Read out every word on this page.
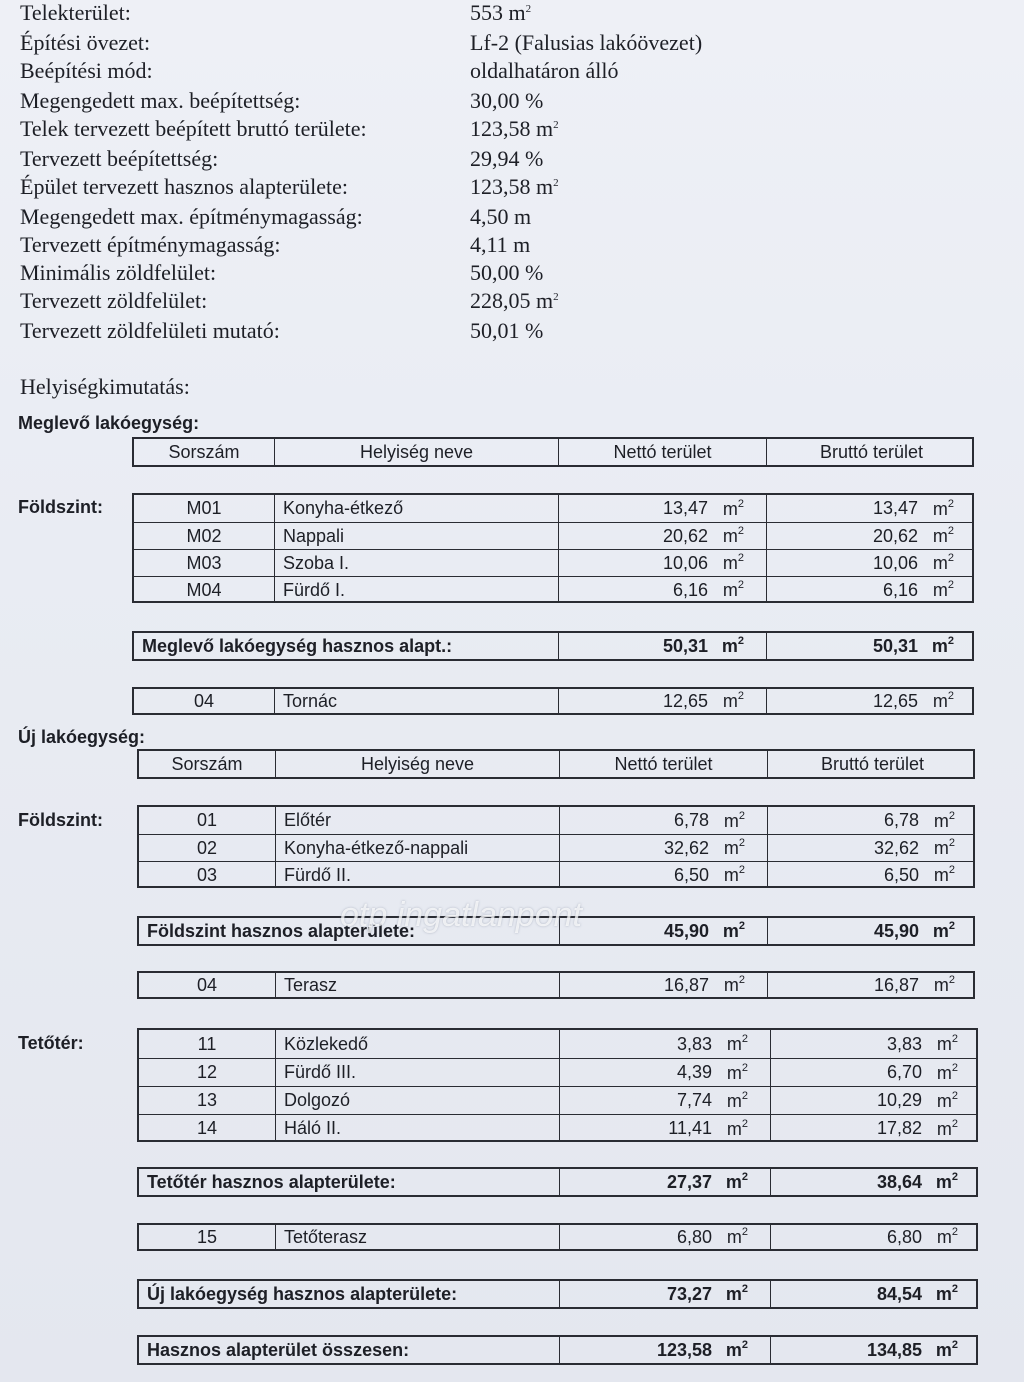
Telekterület:	553 $m^2$
Építési övezet:	Lf-2 (Falusias lakóövezet)
Beépítési mód:	oldalhatáron álló
Megengedett max. beépítettség:	30,00 %
Telek tervezett beépített bruttó területe:	123,58 $m^2$
Tervezett beépítettség:	29,94 %
Épület tervezett hasznos alapterülete:	123,58 $m^2$
Megengedett max. építménymagasság:	4,50 m
Tervezett építménymagasság:	4,11 m
Minimális zöldfelület:	50,00 %
Tervezett zöldfelület:	228,05 $m^2$
Tervezett zöldfelületi mutató:	50,01 %
Helyiségkimutatás:
Meglevő lakóegység:
Sorszám	Helyiség neve	Nettó terület	Bruttó terület
Földszint:	M01	Konyha-étkező	13,47 $m^2$	13,47 $m^2$
M02	Nappali	20,62 $m^2$	20,62 $m^2$
M03	Szoba I.	10,06 $m^2$	10,06 $m^2$
M04	Fürdő I.	6,16 $m^2$	6,16 $m^2$
Meglevő lakóegység hasznos alapt.:	50,31 $m^2$	50,31 $m^2$
04	Tornác	12,65 $m^2$	12,65 $m^2$
Új lakóegység:
Sorszám	Helyiség neve	Nettó terület	Bruttó terület
Földszint:	01	Előtér	6,78 $m^2$	6,78 $m^2$
02	Konyha-étkező-nappali	32,62 $m^2$	32,62 $m^2$
03	Fürdő II.	6,50 $m^2$	6,50 $m^2$
Földszint hasznos alapterülete:	45,90 $m^2$	45,90 $m^2$
04	Terasz	16,87 $m^2$	16,87 $m^2$
Tetőtér:	11	Közlekedő	3,83 $m^2$	3,83 $m^2$
12	Fürdő III.	4,39 $m^2$	6,70 $m^2$
13	Dolgozó	7,74 $m^2$	10,29 $m^2$
14	Háló II.	11,41 $m^2$	17,82 $m^2$
Tetőtér hasznos alapterülete:	27,37 $m^2$	38,64 $m^2$
15	Tetőterasz	6,80 $m^2$	6,80 $m^2$
Új lakóegység hasznos alapterülete:	73,27 $m^2$	84,54 $m^2$
Hasznos alapterület összesen:	123,58 $m^2$	134,85 $m^2$
otp ingatlanpont
